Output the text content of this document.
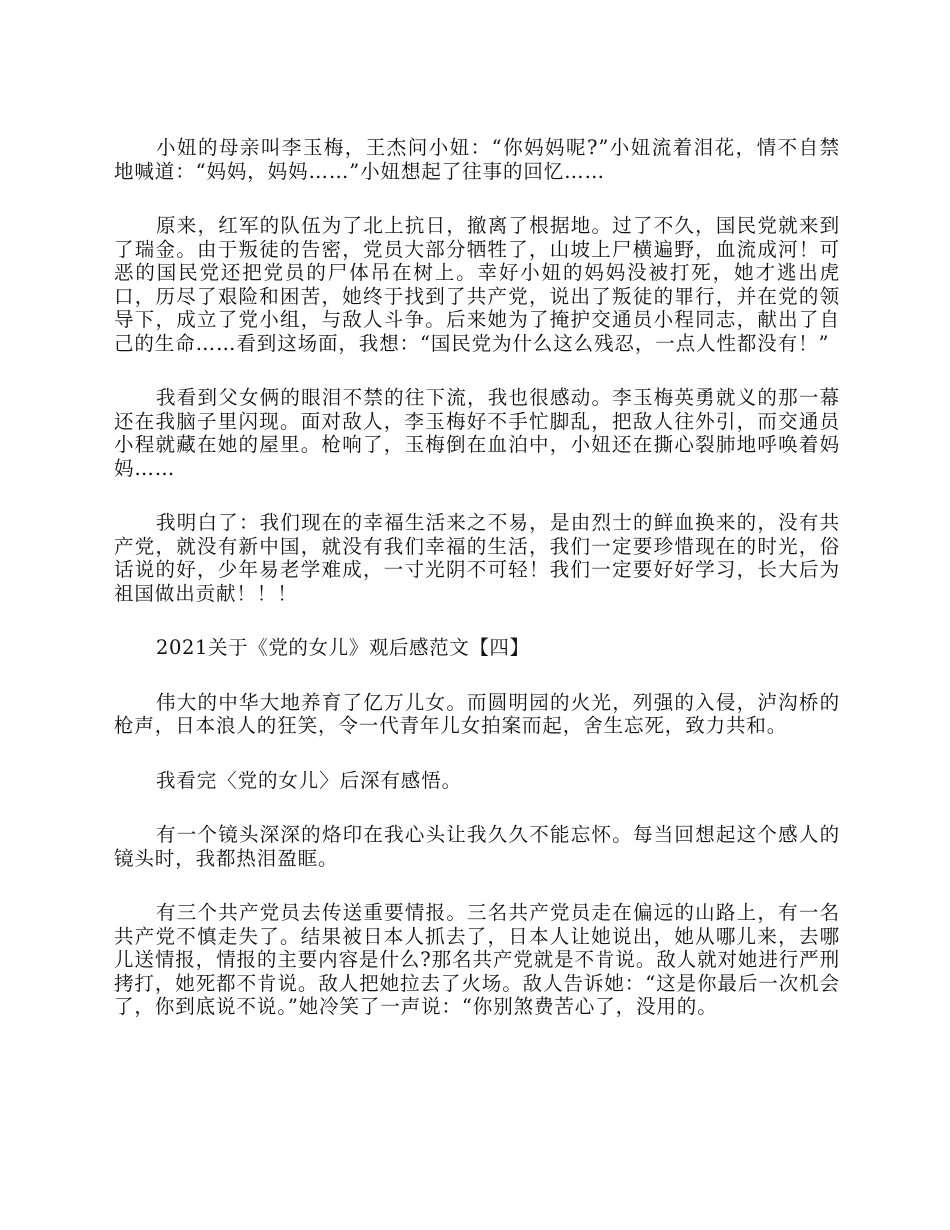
小妞的母亲叫李玉梅，王杰问小妞：“你妈妈呢?”小妞流着泪花，情不自禁地喊道：“妈妈，妈妈……”小妞想起了往事的回忆……

原来，红军的队伍为了北上抗日，撤离了根据地。过了不久，国民党就来到了瑞金。由于叛徒的告密，党员大部分牺牲了，山坡上尸横遍野，血流成河！可恶的国民党还把党员的尸体吊在树上。幸好小妞的妈妈没被打死，她才逃出虎口，历尽了艰险和困苦，她终于找到了共产党，说出了叛徒的罪行，并在党的领导下，成立了党小组，与敌人斗争。后来她为了掩护交通员小程同志，献出了自己的生命……看到这场面，我想：“国民党为什么这么残忍，一点人性都没有！”

我看到父女俩的眼泪不禁的往下流，我也很感动。李玉梅英勇就义的那一幕还在我脑子里闪现。面对敌人，李玉梅好不手忙脚乱，把敌人往外引，而交通员小程就藏在她的屋里。枪响了，玉梅倒在血泊中，小妞还在撕心裂肺地呼唤着妈妈……

我明白了：我们现在的幸福生活来之不易，是由烈士的鲜血换来的，没有共产党，就没有新中国，就没有我们幸福的生活，我们一定要珍惜现在的时光，俗话说的好，少年易老学难成，一寸光阴不可轻！我们一定要好好学习，长大后为祖国做出贡献！！！

2021关于《党的女儿》观后感范文【四】

伟大的中华大地养育了亿万儿女。而圆明园的火光，列强的入侵，泸沟桥的枪声，日本浪人的狂笑，令一代青年儿女拍案而起，舍生忘死，致力共和。

我看完〈党的女儿〉后深有感悟。

有一个镜头深深的烙印在我心头让我久久不能忘怀。每当回想起这个感人的镜头时，我都热泪盈眶。

有三个共产党员去传送重要情报。三名共产党员走在偏远的山路上，有一名共产党不慎走失了。结果被日本人抓去了，日本人让她说出，她从哪儿来，去哪儿送情报，情报的主要内容是什么?那名共产党就是不肯说。敌人就对她进行严刑拷打，她死都不肯说。敌人把她拉去了火场。敌人告诉她：“这是你最后一次机会了，你到底说不说。”她冷笑了一声说：“你别煞费苦心了，没用的。
